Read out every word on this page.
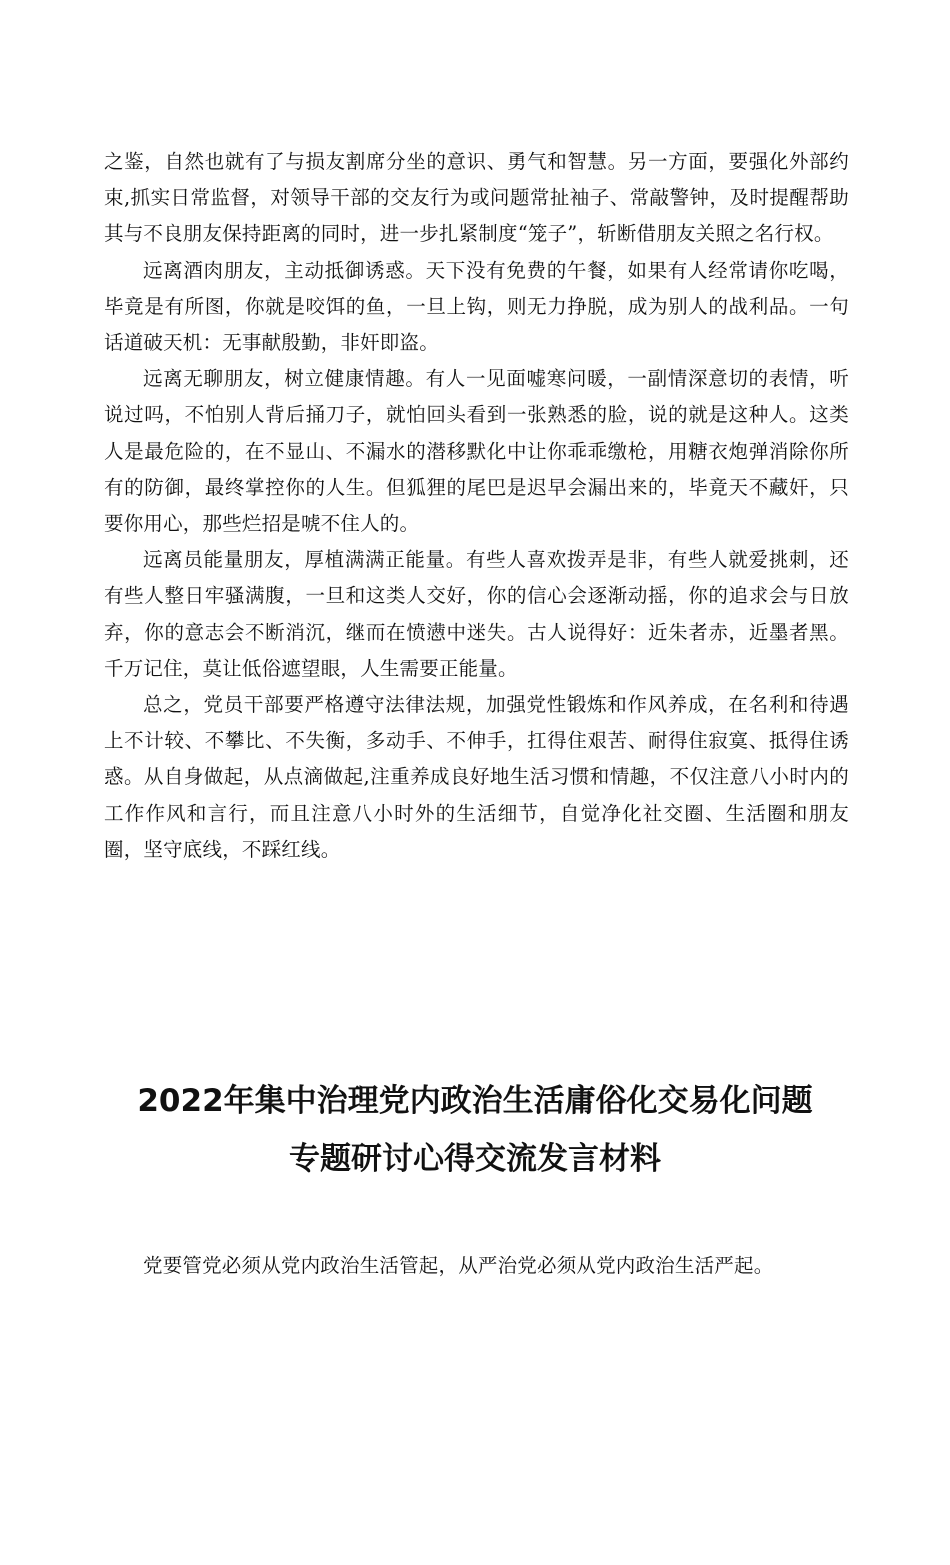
之鉴，自然也就有了与损友割席分坐的意识、勇气和智慧。另一方面，要强化外部约束,抓实日常监督，对领导干部的交友行为或问题常扯袖子、常敲警钟，及时提醒帮助其与不良朋友保持距离的同时，进一步扎紧制度“笼子”，斩断借朋友关照之名行权。

远离酒肉朋友，主动抵御诱惑。天下没有免费的午餐，如果有人经常请你吃喝，毕竟是有所图，你就是咬饵的鱼，一旦上钩，则无力挣脱，成为别人的战利品。一句话道破天机：无事献殷勤，非奸即盗。

远离无聊朋友，树立健康情趣。有人一见面嘘寒问暖，一副情深意切的表情，听说过吗，不怕别人背后捅刀子，就怕回头看到一张熟悉的脸，说的就是这种人。这类人是最危险的，在不显山、不漏水的潜移默化中让你乖乖缴枪，用糖衣炮弹消除你所有的防御，最终掌控你的人生。但狐狸的尾巴是迟早会漏出来的，毕竟天不藏奸，只要你用心，那些烂招是唬不住人的。

远离员能量朋友，厚植满满正能量。有些人喜欢拨弄是非，有些人就爱挑刺，还有些人整日牢骚满腹，一旦和这类人交好，你的信心会逐渐动摇，你的追求会与日放弃，你的意志会不断消沉，继而在愤懑中迷失。古人说得好：近朱者赤，近墨者黑。千万记住，莫让低俗遮望眼，人生需要正能量。

总之，党员干部要严格遵守法律法规，加强党性锻炼和作风养成，在名利和待遇上不计较、不攀比、不失衡，多动手、不伸手，扛得住艰苦、耐得住寂寞、抵得住诱惑。从自身做起，从点滴做起,注重养成良好地生活习惯和情趣，不仅注意八小时内的工作作风和言行，而且注意八小时外的生活细节，自觉净化社交圈、生活圈和朋友圈，坚守底线，不踩红线。

2022年集中治理党内政治生活庸俗化交易化问题
专题研讨心得交流发言材料

党要管党必须从党内政治生活管起，从严治党必须从党内政治生活严起。
